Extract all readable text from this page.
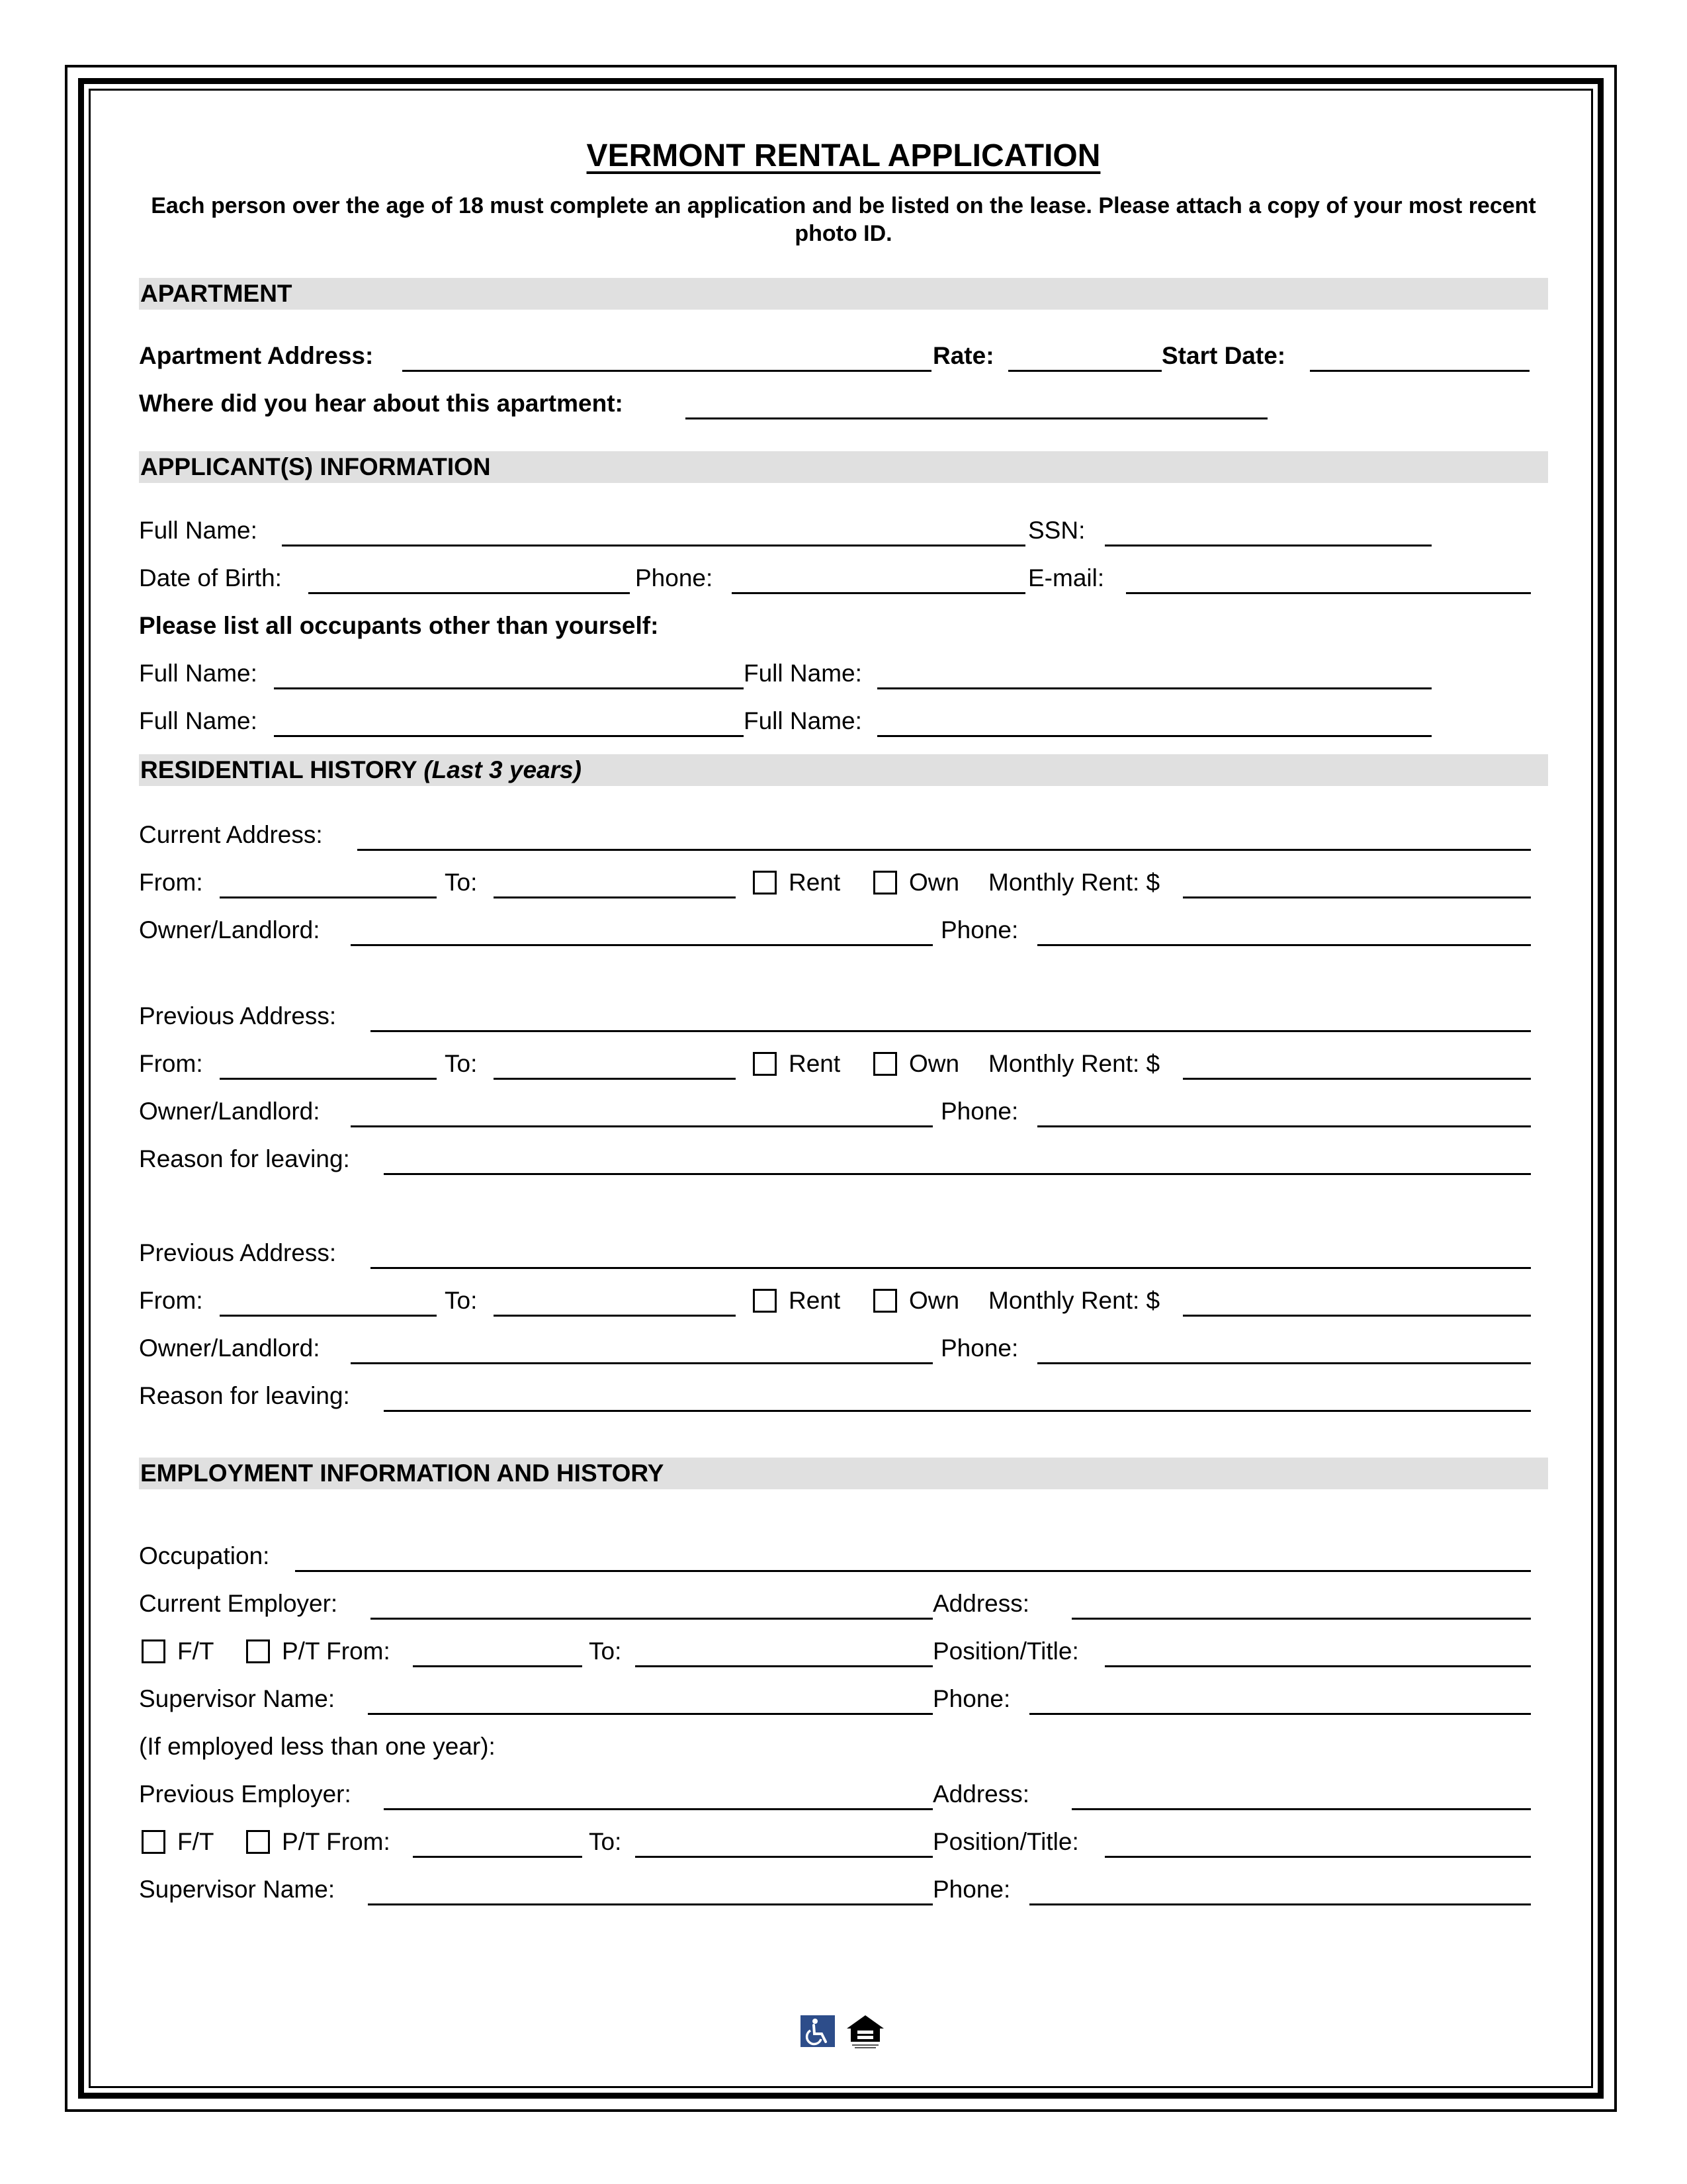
VERMONT RENTAL APPLICATION
Each person over the age of 18 must complete an application and be listed on the lease. Please attach a copy of your most recent photo ID.
APARTMENT
Apartment Address:	Rate:	Start Date:
Where did you hear about this apartment:
APPLICANT(S) INFORMATION
Full Name:	SSN:
Date of Birth:	Phone:	E-mail:
Please list all occupants other than yourself:
Full Name:	Full Name:
Full Name:	Full Name:
RESIDENTIAL HISTORY (Last 3 years)
Current Address:
From:	To:	Rent	Own Monthly Rent: $
Owner/Landlord:	Phone:
Previous Address:
From:	To:	Rent	Own Monthly Rent: $
Owner/Landlord:	Phone:
Reason for leaving:
Previous Address:
From:	To:	Rent	Own Monthly Rent: $
Owner/Landlord:	Phone:
Reason for leaving:
EMPLOYMENT INFORMATION AND HISTORY
Occupation:
Current Employer:	Address:
F/T	P/T From:	To:	Position/Title:
Supervisor Name:	Phone:
(If employed less than one year):
Previous Employer:	Address:
F/T	P/T From:	To:	Position/Title:
Supervisor Name:	Phone:
